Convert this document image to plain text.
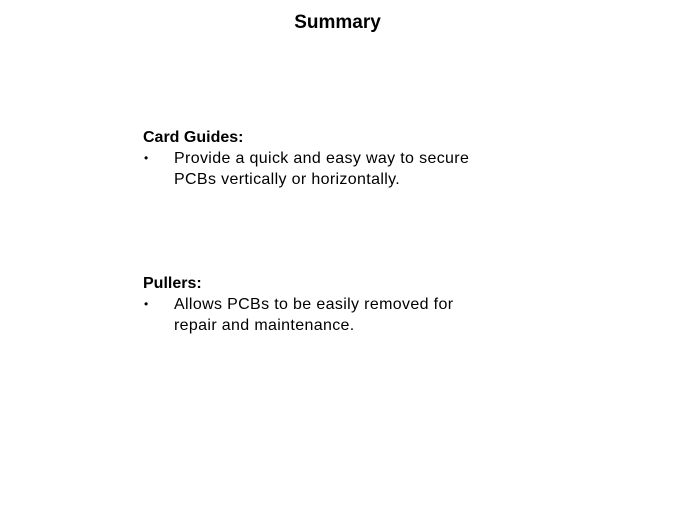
Summary
Card Guides:
•	Provide a quick and easy way to secure
PCBs vertically or horizontally.
Pullers:
•	Allows PCBs to be easily removed for
repair and maintenance.
